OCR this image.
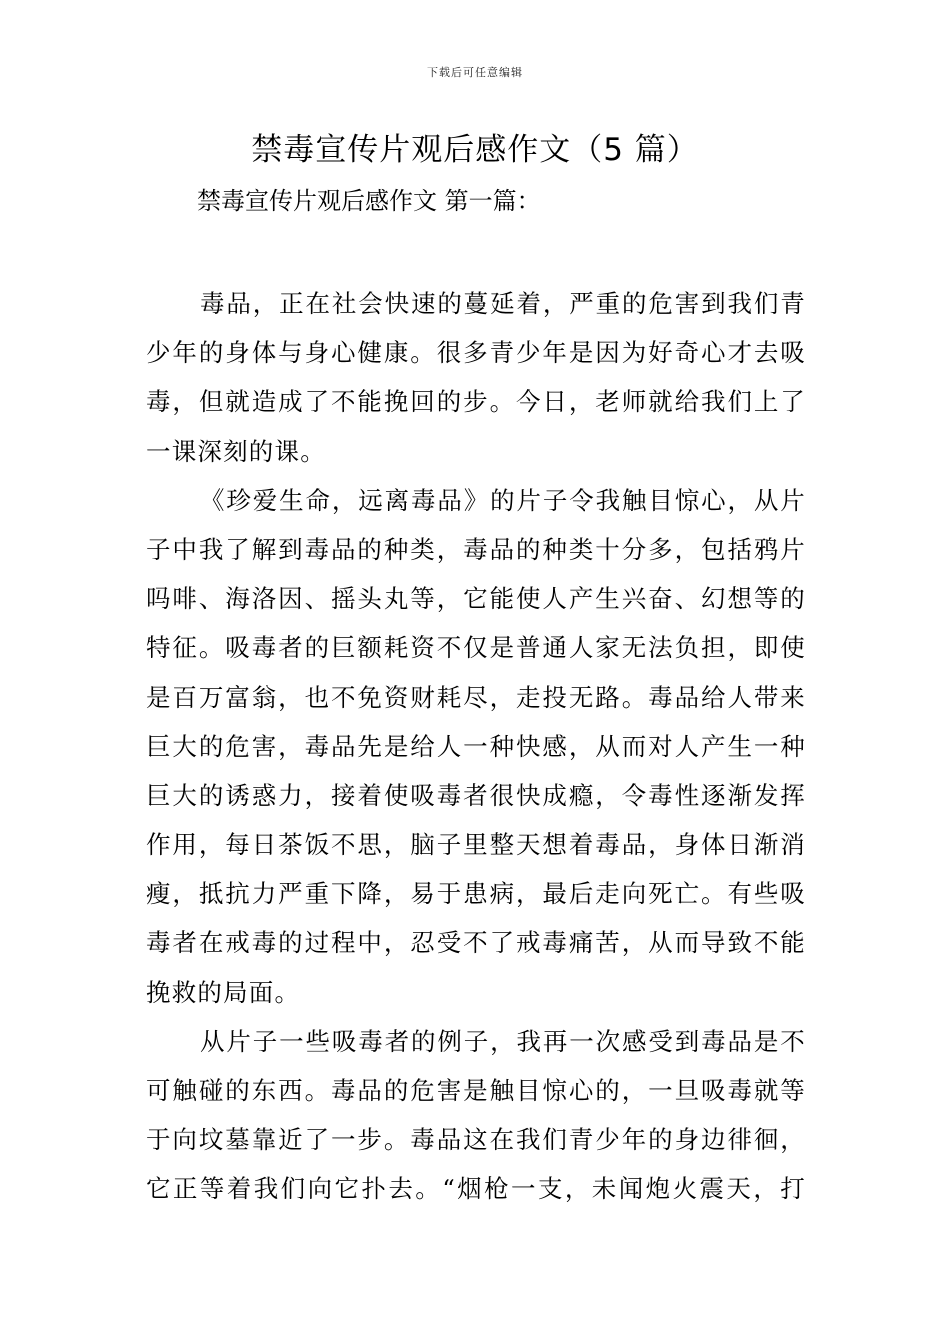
下载后可任意编辑
禁毒宣传片观后感作文（5 篇）
禁毒宣传片观后感作文 第一篇：
毒品，正在社会快速的蔓延着，严重的危害到我们青
少年的身体与身心健康。很多青少年是因为好奇心才去吸
毒，但就造成了不能挽回的步。今日，老师就给我们上了
一课深刻的课。
《珍爱生命，远离毒品》的片子令我触目惊心，从片
子中我了解到毒品的种类，毒品的种类十分多，包括鸦片
吗啡、海洛因、摇头丸等，它能使人产生兴奋、幻想等的
特征。吸毒者的巨额耗资不仅是普通人家无法负担，即使
是百万富翁，也不免资财耗尽，走投无路。毒品给人带来
巨大的危害，毒品先是给人一种快感，从而对人产生一种
巨大的诱惑力，接着使吸毒者很快成瘾，令毒性逐渐发挥
作用，每日茶饭不思，脑子里整天想着毒品，身体日渐消
瘦，抵抗力严重下降，易于患病，最后走向死亡。有些吸
毒者在戒毒的过程中，忍受不了戒毒痛苦，从而导致不能
挽救的局面。
从片子一些吸毒者的例子，我再一次感受到毒品是不
可触碰的东西。毒品的危害是触目惊心的，一旦吸毒就等
于向坟墓靠近了一步。毒品这在我们青少年的身边徘徊，
它正等着我们向它扑去。“烟枪一支，未闻炮火震天，打
